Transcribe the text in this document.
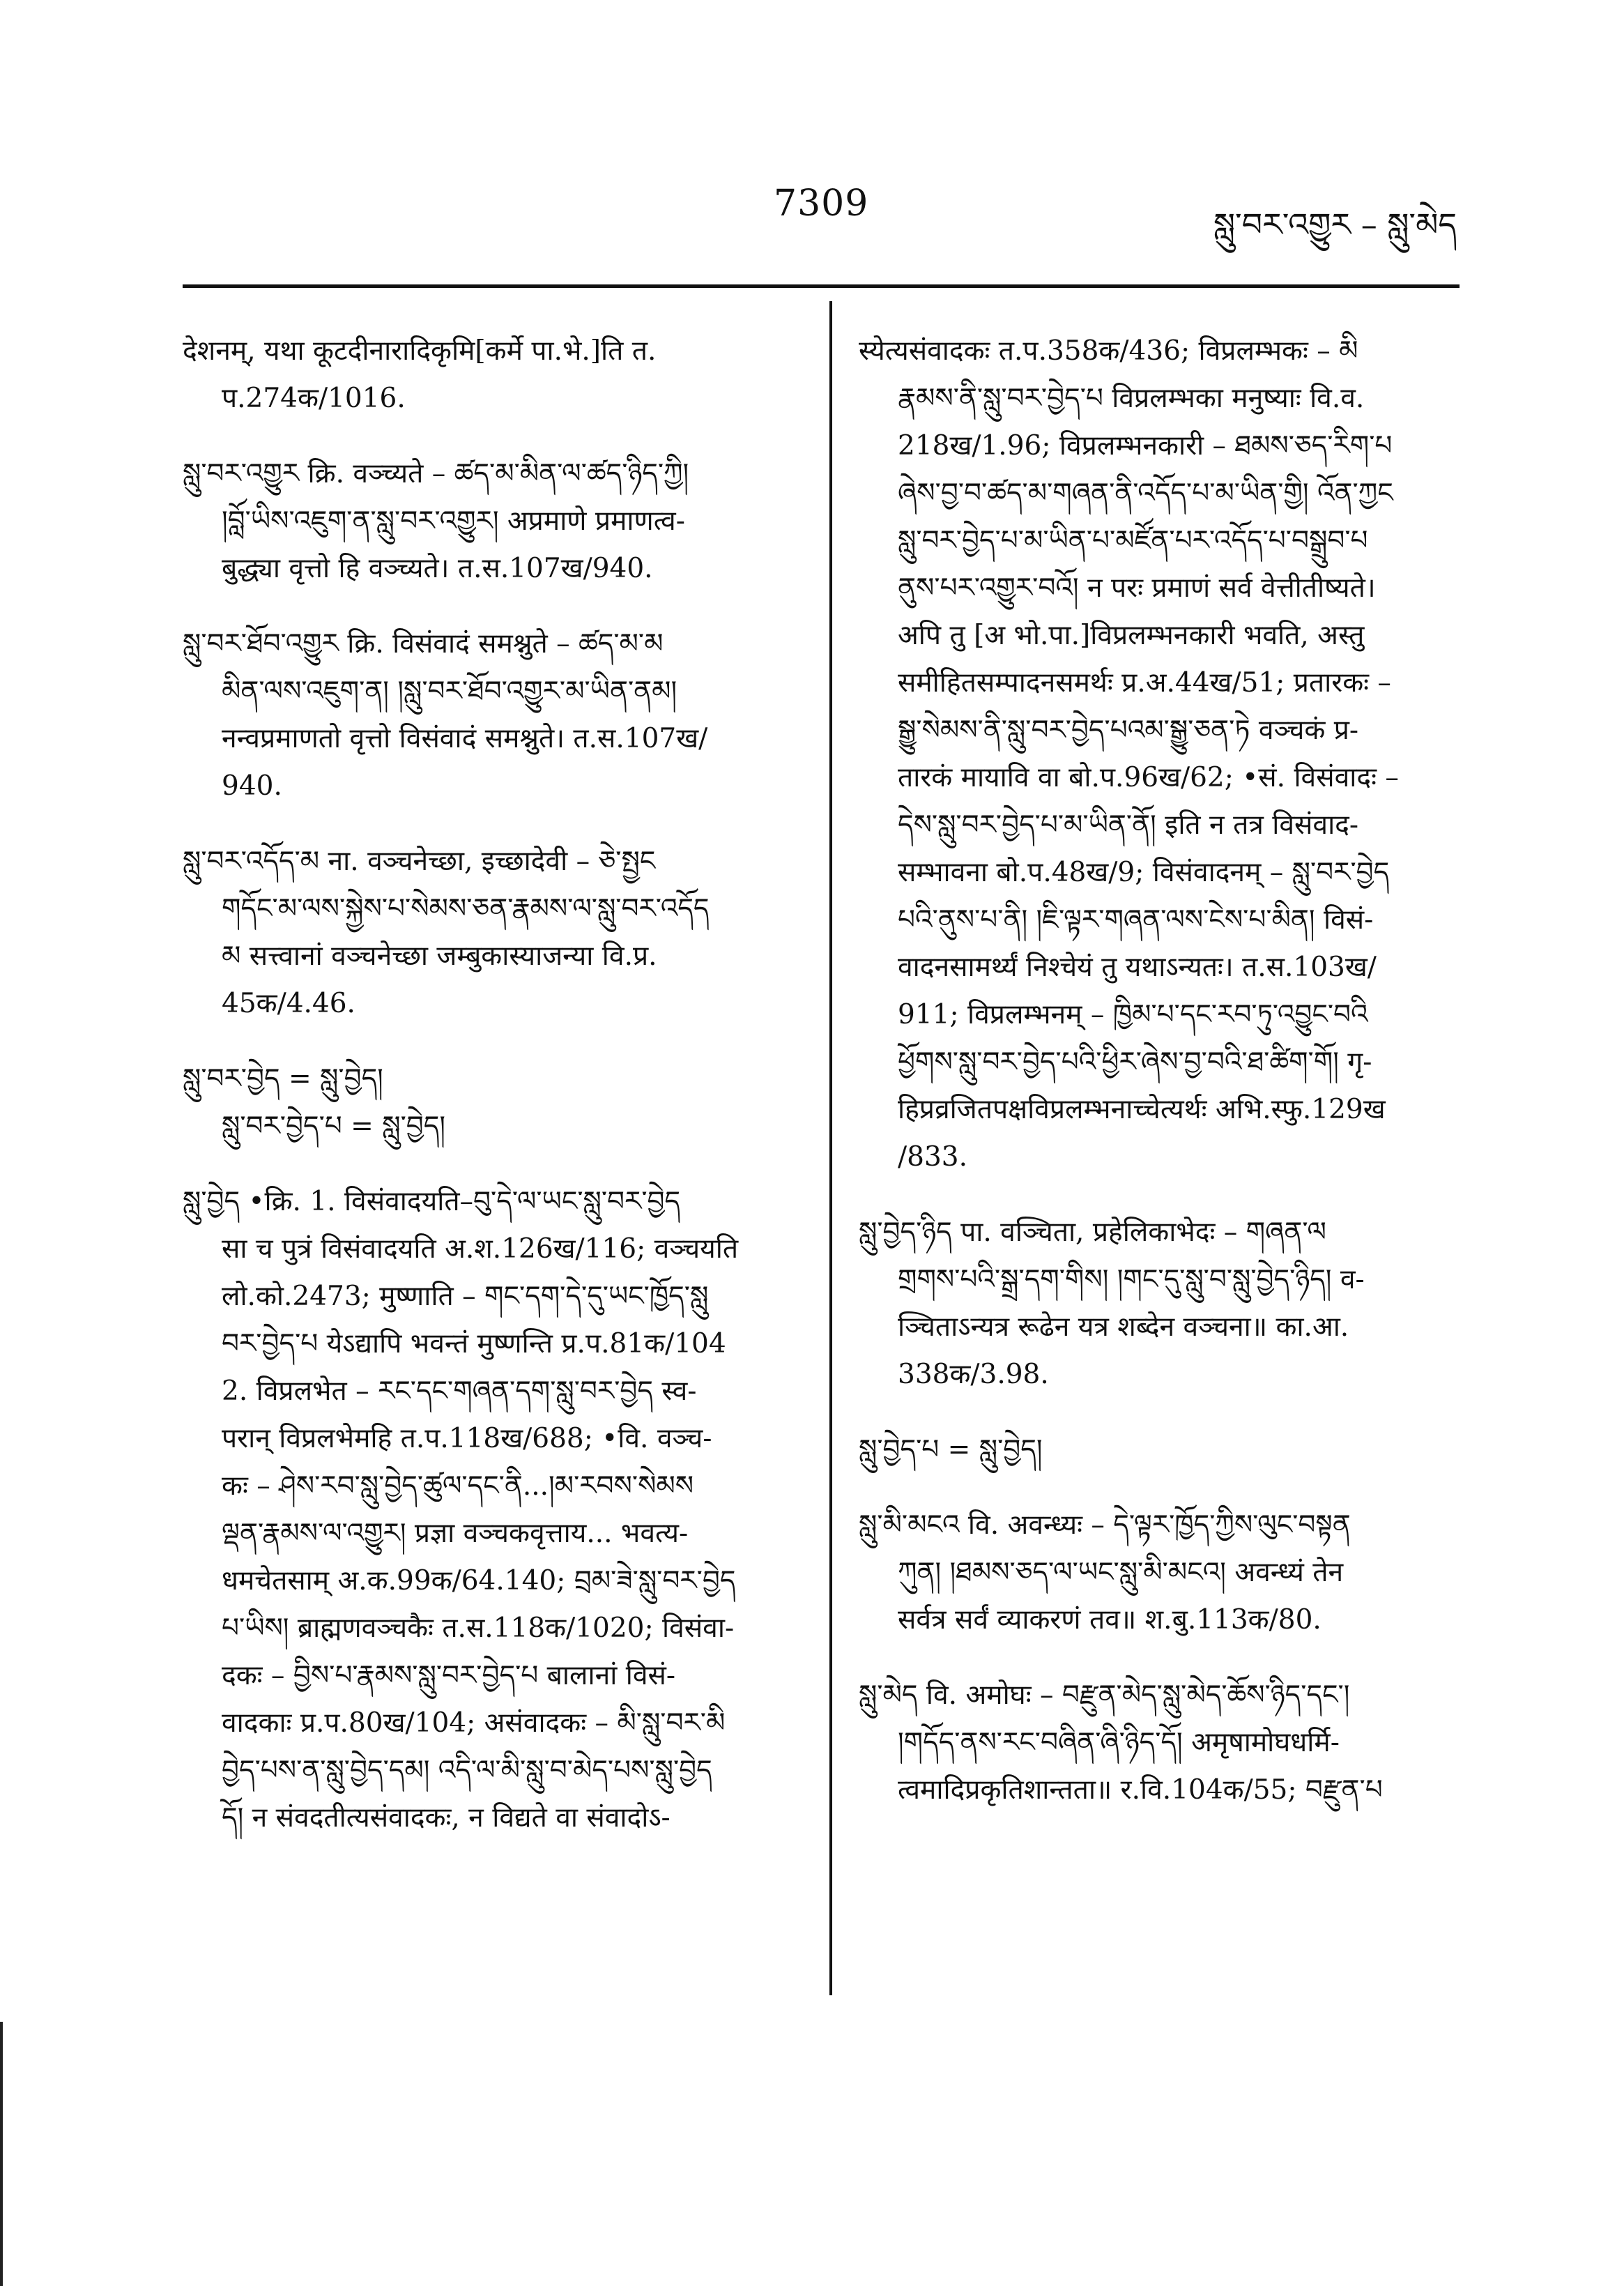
7309	སླུ་བར་འགྱུར – སླུ་མེད
देशनम्, यथा कूटदीनारादिकृमि[कर्मे पा.भे.]ति त.
प.274क/1016.
སླུ་བར་འགྱུར क्रि. वञ्च्यते – ཚད་མ་མིན་ལ་ཚད་ཉིད་ཀྱི།
།བློ་ཡིས་འཇུག་ན་སླུ་བར་འགྱུར། अप्रमाणे प्रमाणत्व-
बुद्ध्या वृत्तो हि वञ्च्यते। त.स.107ख/940.
སླུ་བར་ཐོབ་འགྱུར क्रि. विसंवादं समश्नुते – ཚད་མ་མ
མིན་ལས་འཇུག་ན། །སླུ་བར་ཐོབ་འགྱུར་མ་ཡིན་ནམ།
नन्वप्रमाणतो वृत्तो विसंवादं समश्नुते। त.स.107ख/
940.
སླུ་བར་འདོད་མ ना. वञ्चनेच्छा, इच्छादेवी – ཅེ་སྤྱང
གདོང་མ་ལས་སྐྱེས་པ་སེམས་ཅན་རྣམས་ལ་སླུ་བར་འདོད
མ सत्त्वानां वञ्चनेच्छा जम्बुकास्याजन्या वि.प्र.
45क/4.46.
སླུ་བར་བྱེད = སླུ་བྱེད།
སླུ་བར་བྱེད་པ = སླུ་བྱེད།
སླུ་བྱེད •क्रि. 1. विसंवादयति–བུ་དེ་ལ་ཡང་སླུ་བར་བྱེད
सा च पुत्रं विसंवादयति अ.श.126ख/116; वञ्चयति
लो.को.2473; मुष्णाति – གང་དག་དེ་དུ་ཡང་ཁྱོད་སླུ
བར་བྱེད་པ येऽद्यापि भवन्तं मुष्णन्ति प्र.प.81क/104
2. विप्रलभेत – རང་དང་གཞན་དག་སླུ་བར་བྱེད स्व-
परान् विप्रलभेमहि त.प.118ख/688; •वि. वञ्च-
कः – ཤེས་རབ་སླུ་བྱེད་ཚུལ་དང་ནི...།མ་རབས་སེམས
ལྡན་རྣམས་ལ་འགྱུར། प्रज्ञा वञ्चकवृत्ताय... भवत्य-
धमचेतसाम् अ.क.99क/64.140; བྲམ་ཟེ་སླུ་བར་བྱེད
པ་ཡིས། ब्राह्मणवञ्चकैः त.स.118क/1020; विसंवा-
दकः – བྱིས་པ་རྣམས་སླུ་བར་བྱེད་པ बालानां विसं-
वादकाः प्र.प.80ख/104; असंवादकः – མི་སླུ་བར་མི
བྱེད་པས་ན་སླུ་བྱེད་དམ། འདི་ལ་མི་སླུ་བ་མེད་པས་སླུ་བྱེད
དོ། न संवदतीत्यसंवादकः, न विद्यते वा संवादोऽ-
स्येत्यसंवादकः त.प.358क/436; विप्रलम्भकः – མི
རྣམས་ནི་སླུ་བར་བྱེད་པ विप्रलम्भका मनुष्याः वि.व.
218ख/1.96; विप्रलम्भनकारी – ཐམས་ཅད་རིག་པ
ཞེས་བྱ་བ་ཚད་མ་གཞན་ནི་འདོད་པ་མ་ཡིན་གྱི། འོན་ཀྱང
སླུ་བར་བྱེད་པ་མ་ཡིན་པ་མཛོན་པར་འདོད་པ་བསྒྲུབ་པ
ནུས་པར་འགྱུར་བའོ། न परः प्रमाणं सर्व वेत्तीतीष्यते।
अपि तु [अ भो.पा.]विप्रलम्भनकारी भवति, अस्तु
समीहितसम्पादनसमर्थः प्र.अ.44ख/51; प्रतारकः –
སྒྱུ་སེམས་ནི་སླུ་བར་བྱེད་པའམ་སྒྱུ་ཅན་ཏེ वञ्चकं प्र-
तारकं मायावि वा बो.प.96ख/62; •सं. विसंवादः –
དེས་སླུ་བར་བྱེད་པ་མ་ཡིན་ནོ། इति न तत्र विसंवाद-
सम्भावना बो.प.48ख/9; विसंवादनम् – སླུ་བར་བྱེད
པའི་ནུས་པ་ནི། །ཇི་ལྟར་གཞན་ལས་ངེས་པ་མིན། विसं-
वादनसामर्थ्यं निश्चेयं तु यथाऽन्यतः। त.स.103ख/
911; विप्रलम्भनम् – ཁྱིམ་པ་དང་རབ་ཏུ་འབྱུང་བའི
ཕྱོགས་སླུ་བར་བྱེད་པའི་ཕྱིར་ཞེས་བྱ་བའི་ཐ་ཚིག་གོ། गृ-
हिप्रव्रजितपक्षविप्रलम्भनाच्चेत्यर्थः अभि.स्फु.129ख
/833.
སླུ་བྱེད་ཉིད पा. वञ्चिता, प्रहेलिकाभेदः – གཞན་ལ
གྲགས་པའི་སྒྲ་དག་གིས། །གང་དུ་སླུ་བ་སླུ་བྱེད་ཉིད། व-
ञ्चिताऽन्यत्र रूढेन यत्र शब्देन वञ्चना॥ का.आ.
338क/3.98.
སླུ་བྱེད་པ = སླུ་བྱེད།
སླུ་མི་མངའ वि. अवन्ध्यः – དེ་ལྟར་ཁྱོད་ཀྱིས་ལུང་བསྟན
ཀུན། །ཐམས་ཅད་ལ་ཡང་སླུ་མི་མངའ། अवन्ध्यं तेन
सर्वत्र सर्वं व्याकरणं तव॥ श.बु.113क/80.
སླུ་མེད वि. अमोघः – བརྫུན་མེད་སླུ་མེད་ཆོས་ཉིད་དང་།
།གདོད་ནས་རང་བཞིན་ཞི་ཉིད་དོ། अमृषामोघधर्मि-
त्वमादिप्रकृतिशान्तता॥ र.वि.104क/55; བརྫུན་པ
